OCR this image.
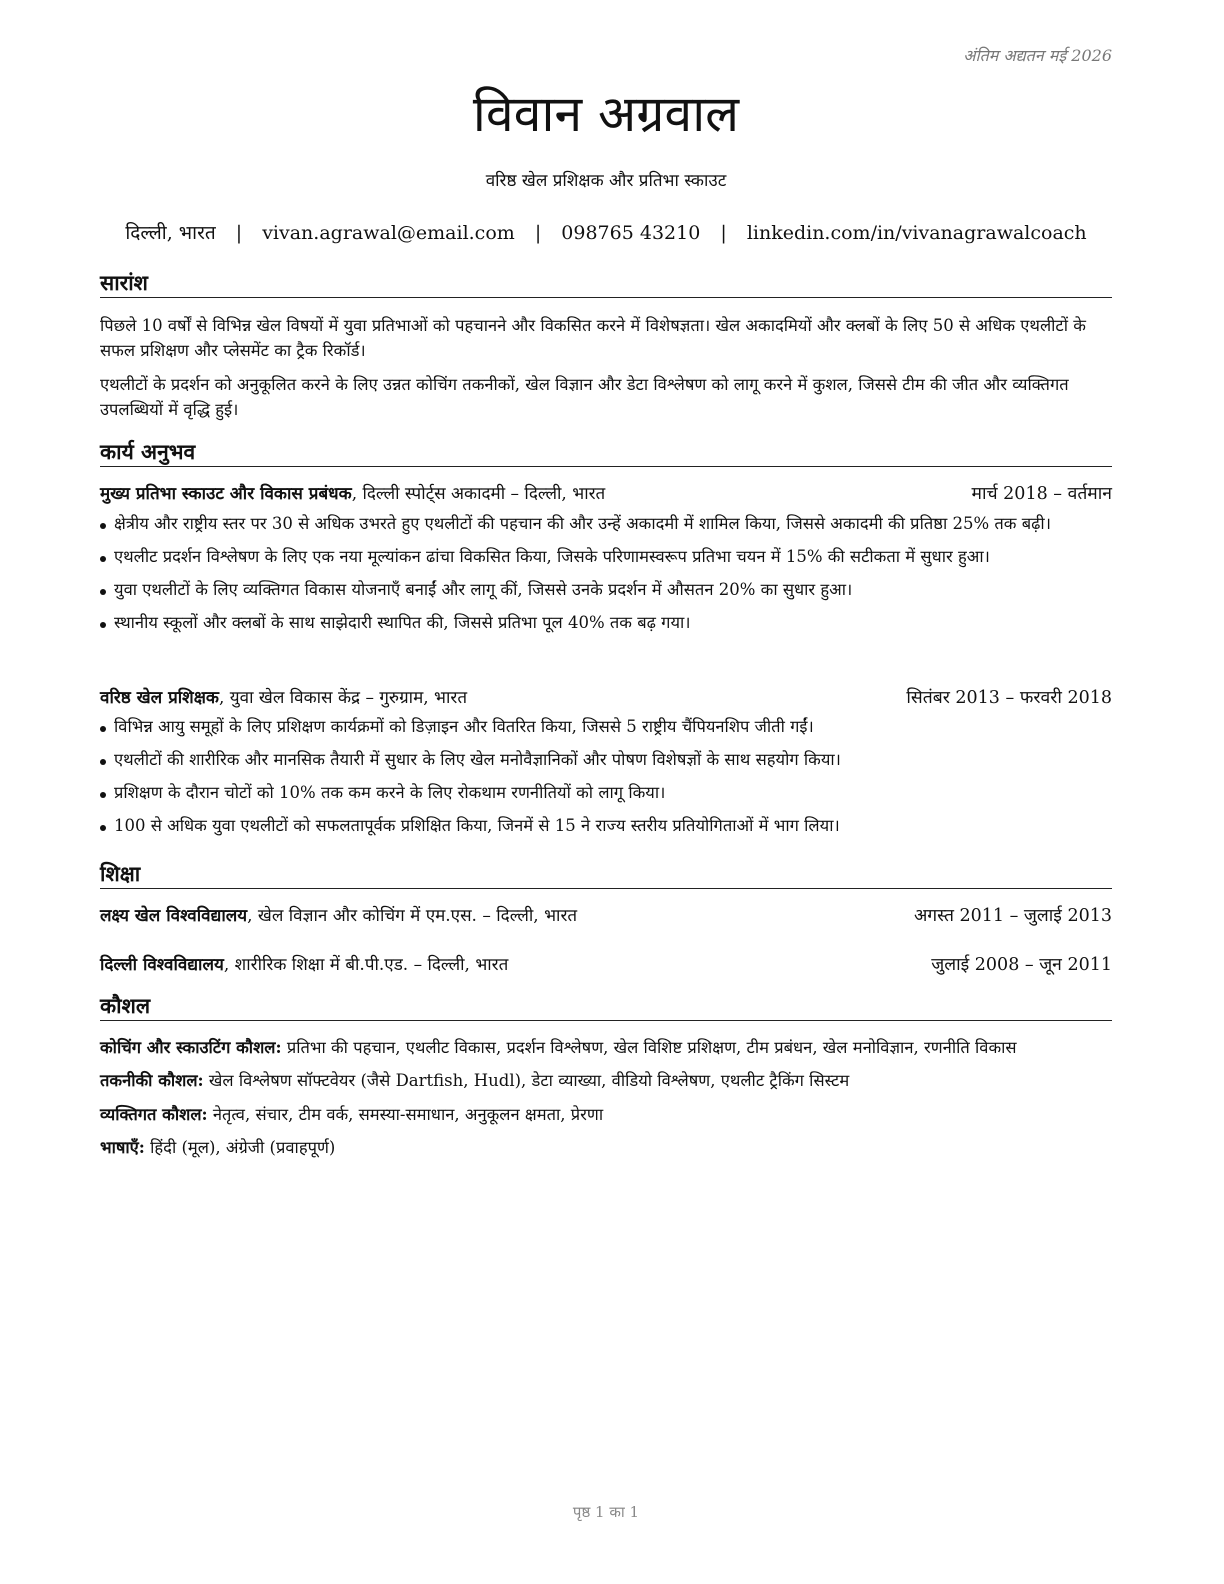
अंतिम अद्यतन मई 2026
विवान अग्रवाल
वरिष्ठ खेल प्रशिक्षक और प्रतिभा स्काउट
दिल्ली, भारत | vivan.agrawal@email.com | 098765 43210 | linkedin.com/in/vivanagrawalcoach
सारांश
पिछले 10 वर्षों से विभिन्न खेल विषयों में युवा प्रतिभाओं को पहचानने और विकसित करने में विशेषज्ञता। खेल अकादमियों और क्लबों के लिए 50 से अधिक एथलीटों के सफल प्रशिक्षण और प्लेसमेंट का ट्रैक रिकॉर्ड।
एथलीटों के प्रदर्शन को अनुकूलित करने के लिए उन्नत कोचिंग तकनीकों, खेल विज्ञान और डेटा विश्लेषण को लागू करने में कुशल, जिससे टीम की जीत और व्यक्तिगत उपलब्धियों में वृद्धि हुई।
कार्य अनुभव
मुख्य प्रतिभा स्काउट और विकास प्रबंधक, दिल्ली स्पोर्ट्स अकादमी – दिल्ली, भारत	मार्च 2018 – वर्तमान
क्षेत्रीय और राष्ट्रीय स्तर पर 30 से अधिक उभरते हुए एथलीटों की पहचान की और उन्हें अकादमी में शामिल किया, जिससे अकादमी की प्रतिष्ठा 25% तक बढ़ी।
एथलीट प्रदर्शन विश्लेषण के लिए एक नया मूल्यांकन ढांचा विकसित किया, जिसके परिणामस्वरूप प्रतिभा चयन में 15% की सटीकता में सुधार हुआ।
युवा एथलीटों के लिए व्यक्तिगत विकास योजनाएँ बनाईं और लागू कीं, जिससे उनके प्रदर्शन में औसतन 20% का सुधार हुआ।
स्थानीय स्कूलों और क्लबों के साथ साझेदारी स्थापित की, जिससे प्रतिभा पूल 40% तक बढ़ गया।
वरिष्ठ खेल प्रशिक्षक, युवा खेल विकास केंद्र – गुरुग्राम, भारत	सितंबर 2013 – फरवरी 2018
विभिन्न आयु समूहों के लिए प्रशिक्षण कार्यक्रमों को डिज़ाइन और वितरित किया, जिससे 5 राष्ट्रीय चैंपियनशिप जीती गईं।
एथलीटों की शारीरिक और मानसिक तैयारी में सुधार के लिए खेल मनोवैज्ञानिकों और पोषण विशेषज्ञों के साथ सहयोग किया।
प्रशिक्षण के दौरान चोटों को 10% तक कम करने के लिए रोकथाम रणनीतियों को लागू किया।
100 से अधिक युवा एथलीटों को सफलतापूर्वक प्रशिक्षित किया, जिनमें से 15 ने राज्य स्तरीय प्रतियोगिताओं में भाग लिया।
शिक्षा
लक्ष्य खेल विश्वविद्यालय, खेल विज्ञान और कोचिंग में एम.एस. – दिल्ली, भारत	अगस्त 2011 – जुलाई 2013
दिल्ली विश्वविद्यालय, शारीरिक शिक्षा में बी.पी.एड. – दिल्ली, भारत	जुलाई 2008 – जून 2011
कौशल
कोचिंग और स्काउटिंग कौशल: प्रतिभा की पहचान, एथलीट विकास, प्रदर्शन विश्लेषण, खेल विशिष्ट प्रशिक्षण, टीम प्रबंधन, खेल मनोविज्ञान, रणनीति विकास
तकनीकी कौशल: खेल विश्लेषण सॉफ्टवेयर (जैसे Dartfish, Hudl), डेटा व्याख्या, वीडियो विश्लेषण, एथलीट ट्रैकिंग सिस्टम
व्यक्तिगत कौशल: नेतृत्व, संचार, टीम वर्क, समस्या-समाधान, अनुकूलन क्षमता, प्रेरणा
भाषाएँ: हिंदी (मूल), अंग्रेजी (प्रवाहपूर्ण)
पृष्ठ 1 का 1
